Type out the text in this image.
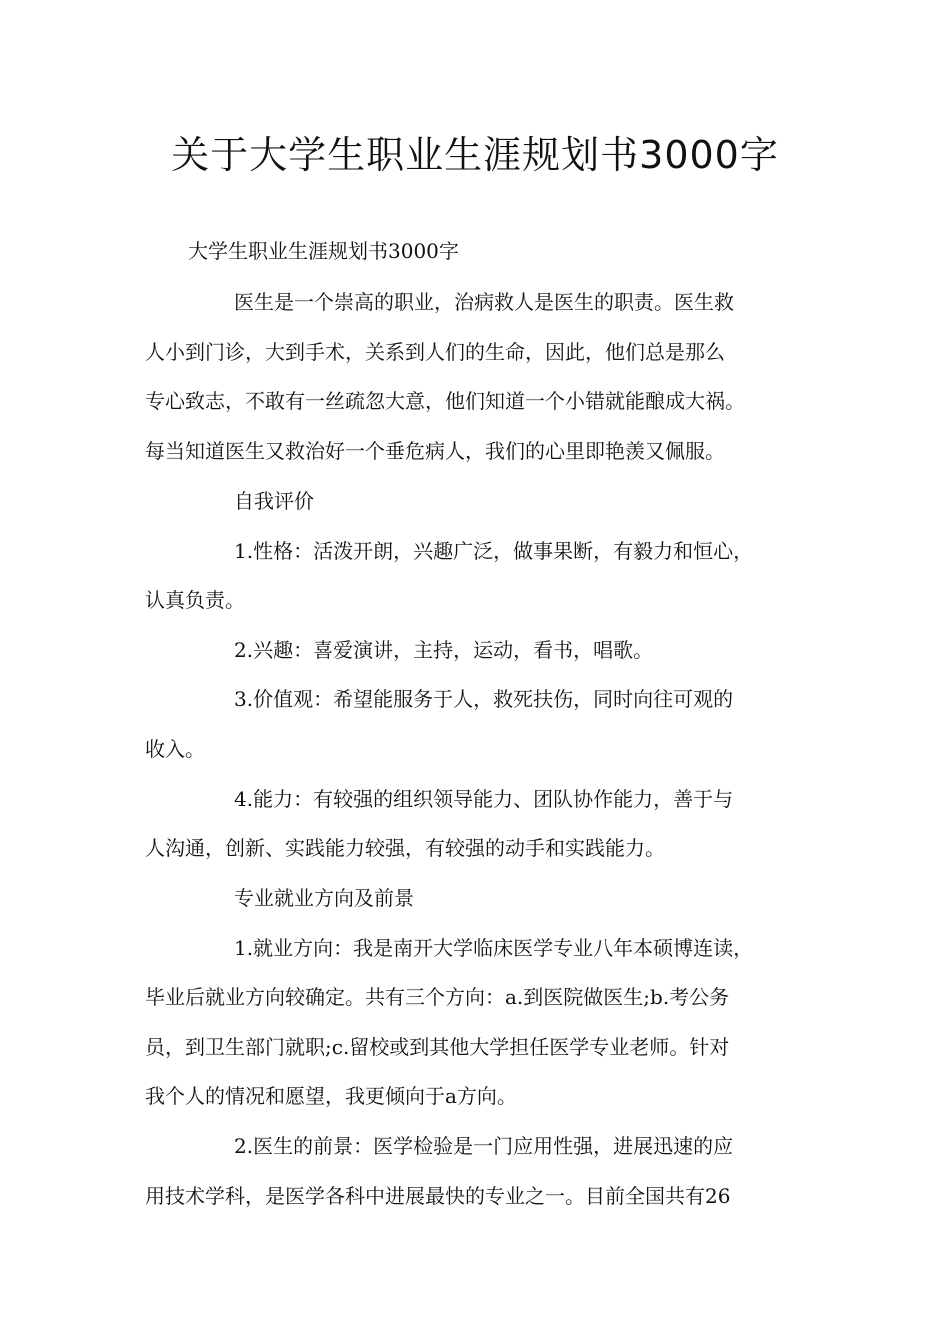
关于大学生职业生涯规划书3000字
大学生职业生涯规划书3000字
医生是一个崇高的职业，治病救人是医生的职责。医生救
人小到门诊，大到手术，关系到人们的生命，因此，他们总是那么
专心致志，不敢有一丝疏忽大意，他们知道一个小错就能酿成大祸。
每当知道医生又救治好一个垂危病人，我们的心里即艳羡又佩服。
自我评价
1.性格：活泼开朗，兴趣广泛，做事果断，有毅力和恒心，
认真负责。
2.兴趣：喜爱演讲，主持，运动，看书，唱歌。
3.价值观：希望能服务于人，救死扶伤，同时向往可观的
收入。
4.能力：有较强的组织领导能力、团队协作能力，善于与
人沟通，创新、实践能力较强，有较强的动手和实践能力。
专业就业方向及前景
1.就业方向：我是南开大学临床医学专业八年本硕博连读，
毕业后就业方向较确定。共有三个方向：a.到医院做医生;b.考公务
员，到卫生部门就职;c.留校或到其他大学担任医学专业老师。针对
我个人的情况和愿望，我更倾向于a方向。
2.医生的前景：医学检验是一门应用性强，进展迅速的应
用技术学科，是医学各科中进展最快的专业之一。目前全国共有26
